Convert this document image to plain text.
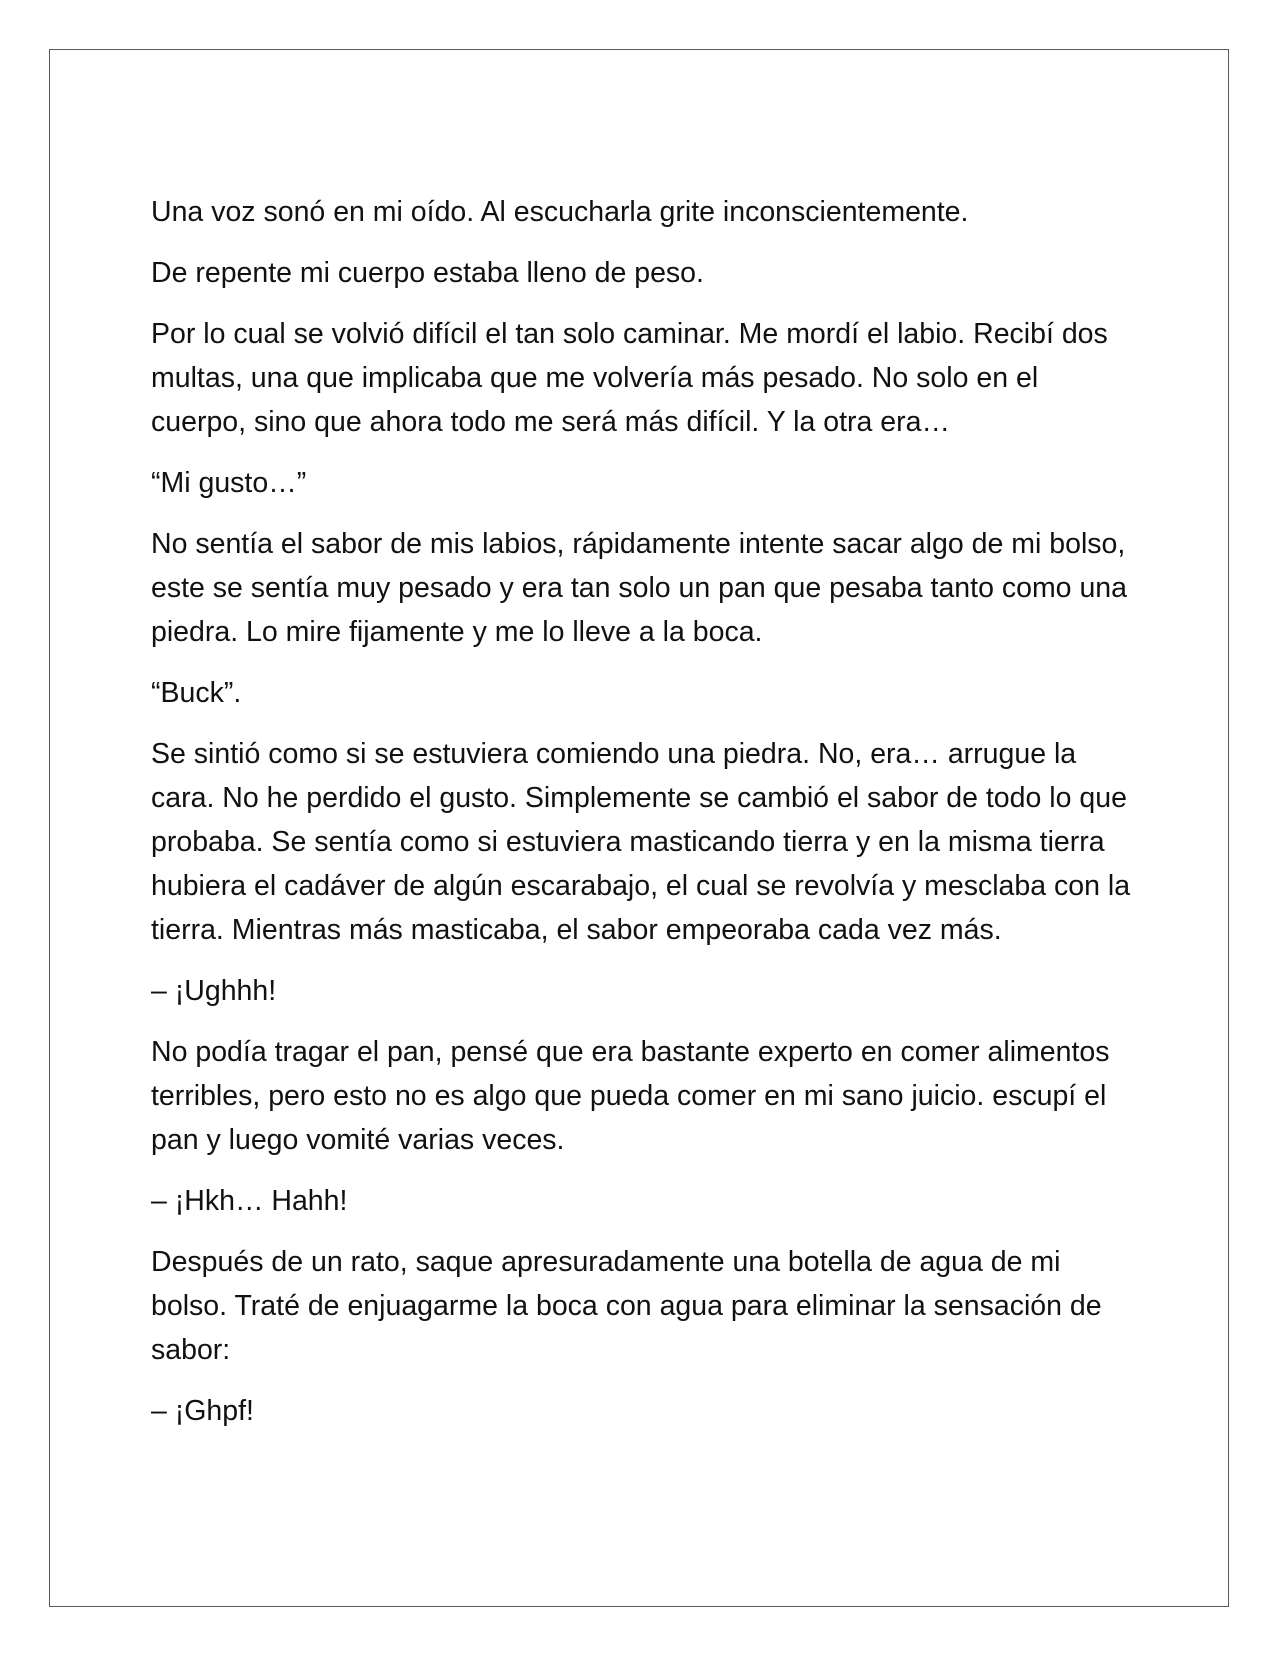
Una voz sonó en mi oído. Al escucharla grite inconscientemente.

De repente mi cuerpo estaba lleno de peso.

Por lo cual se volvió difícil el tan solo caminar. Me mordí el labio. Recibí dos multas, una que implicaba que me volvería más pesado. No solo en el cuerpo, sino que ahora todo me será más difícil. Y la otra era…

“Mi gusto…”

No sentía el sabor de mis labios, rápidamente intente sacar algo de mi bolso, este se sentía muy pesado y era tan solo un pan que pesaba tanto como una piedra. Lo mire fijamente y me lo lleve a la boca.

“Buck”.

Se sintió como si se estuviera comiendo una piedra. No, era… arrugue la cara. No he perdido el gusto. Simplemente se cambió el sabor de todo lo que probaba. Se sentía como si estuviera masticando tierra y en la misma tierra hubiera el cadáver de algún escarabajo, el cual se revolvía y mesclaba con la tierra. Mientras más masticaba, el sabor empeoraba cada vez más.

– ¡Ughhh!

No podía tragar el pan, pensé que era bastante experto en comer alimentos terribles, pero esto no es algo que pueda comer en mi sano juicio. escupí el pan y luego vomité varias veces.

– ¡Hkh… Hahh!

Después de un rato, saque apresuradamente una botella de agua de mi bolso. Traté de enjuagarme la boca con agua para eliminar la sensación de sabor:

– ¡Ghpf!
